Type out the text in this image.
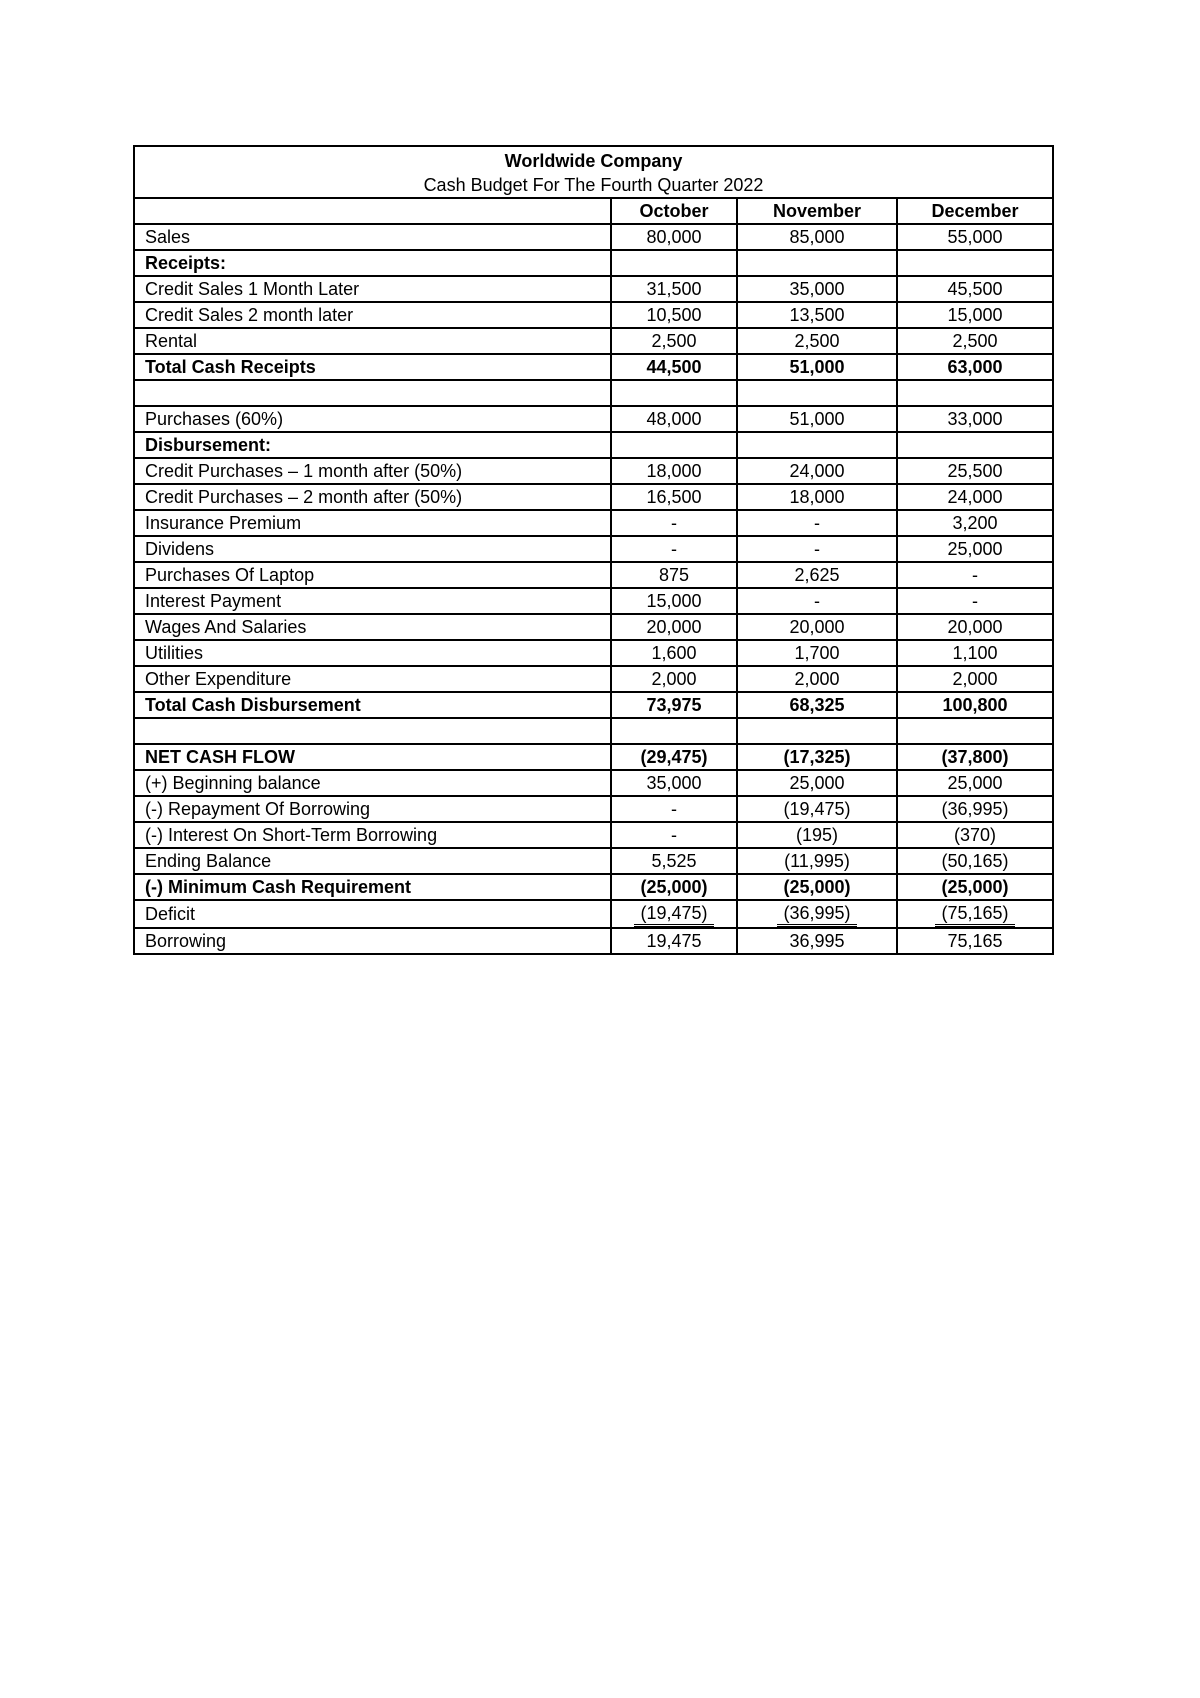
Worldwide Company			
Cash Budget For The Fourth Quarter 2022			
	October	November	December
Sales	80,000	85,000	55,000
Receipts:			
Credit Sales 1 Month Later	31,500	35,000	45,500
Credit Sales 2 month later	10,500	13,500	15,000
Rental	2,500	2,500	2,500
Total Cash Receipts	44,500	51,000	63,000

Purchases (60%)	48,000	51,000	33,000
Disbursement:			
Credit Purchases – 1 month after (50%)	18,000	24,000	25,500
Credit Purchases – 2 month after (50%)	16,500	18,000	24,000
Insurance Premium	-	-	3,200
Dividens	-	-	25,000
Purchases Of Laptop	875	2,625	-
Interest Payment	15,000	-	-
Wages And Salaries	20,000	20,000	20,000
Utilities	1,600	1,700	1,100
Other Expenditure	2,000	2,000	2,000
Total Cash Disbursement	73,975	68,325	100,800

NET CASH FLOW	(29,475)	(17,325)	(37,800)
(+) Beginning balance	35,000	25,000	25,000
(-) Repayment Of Borrowing	-	(19,475)	(36,995)
(-) Interest On Short-Term Borrowing	-	(195)	(370)
Ending Balance	5,525	(11,995)	(50,165)
(-) Minimum Cash Requirement	(25,000)	(25,000)	(25,000)
Deficit	(19,475)	(36,995)	(75,165)
Borrowing	19,475	36,995	75,165
